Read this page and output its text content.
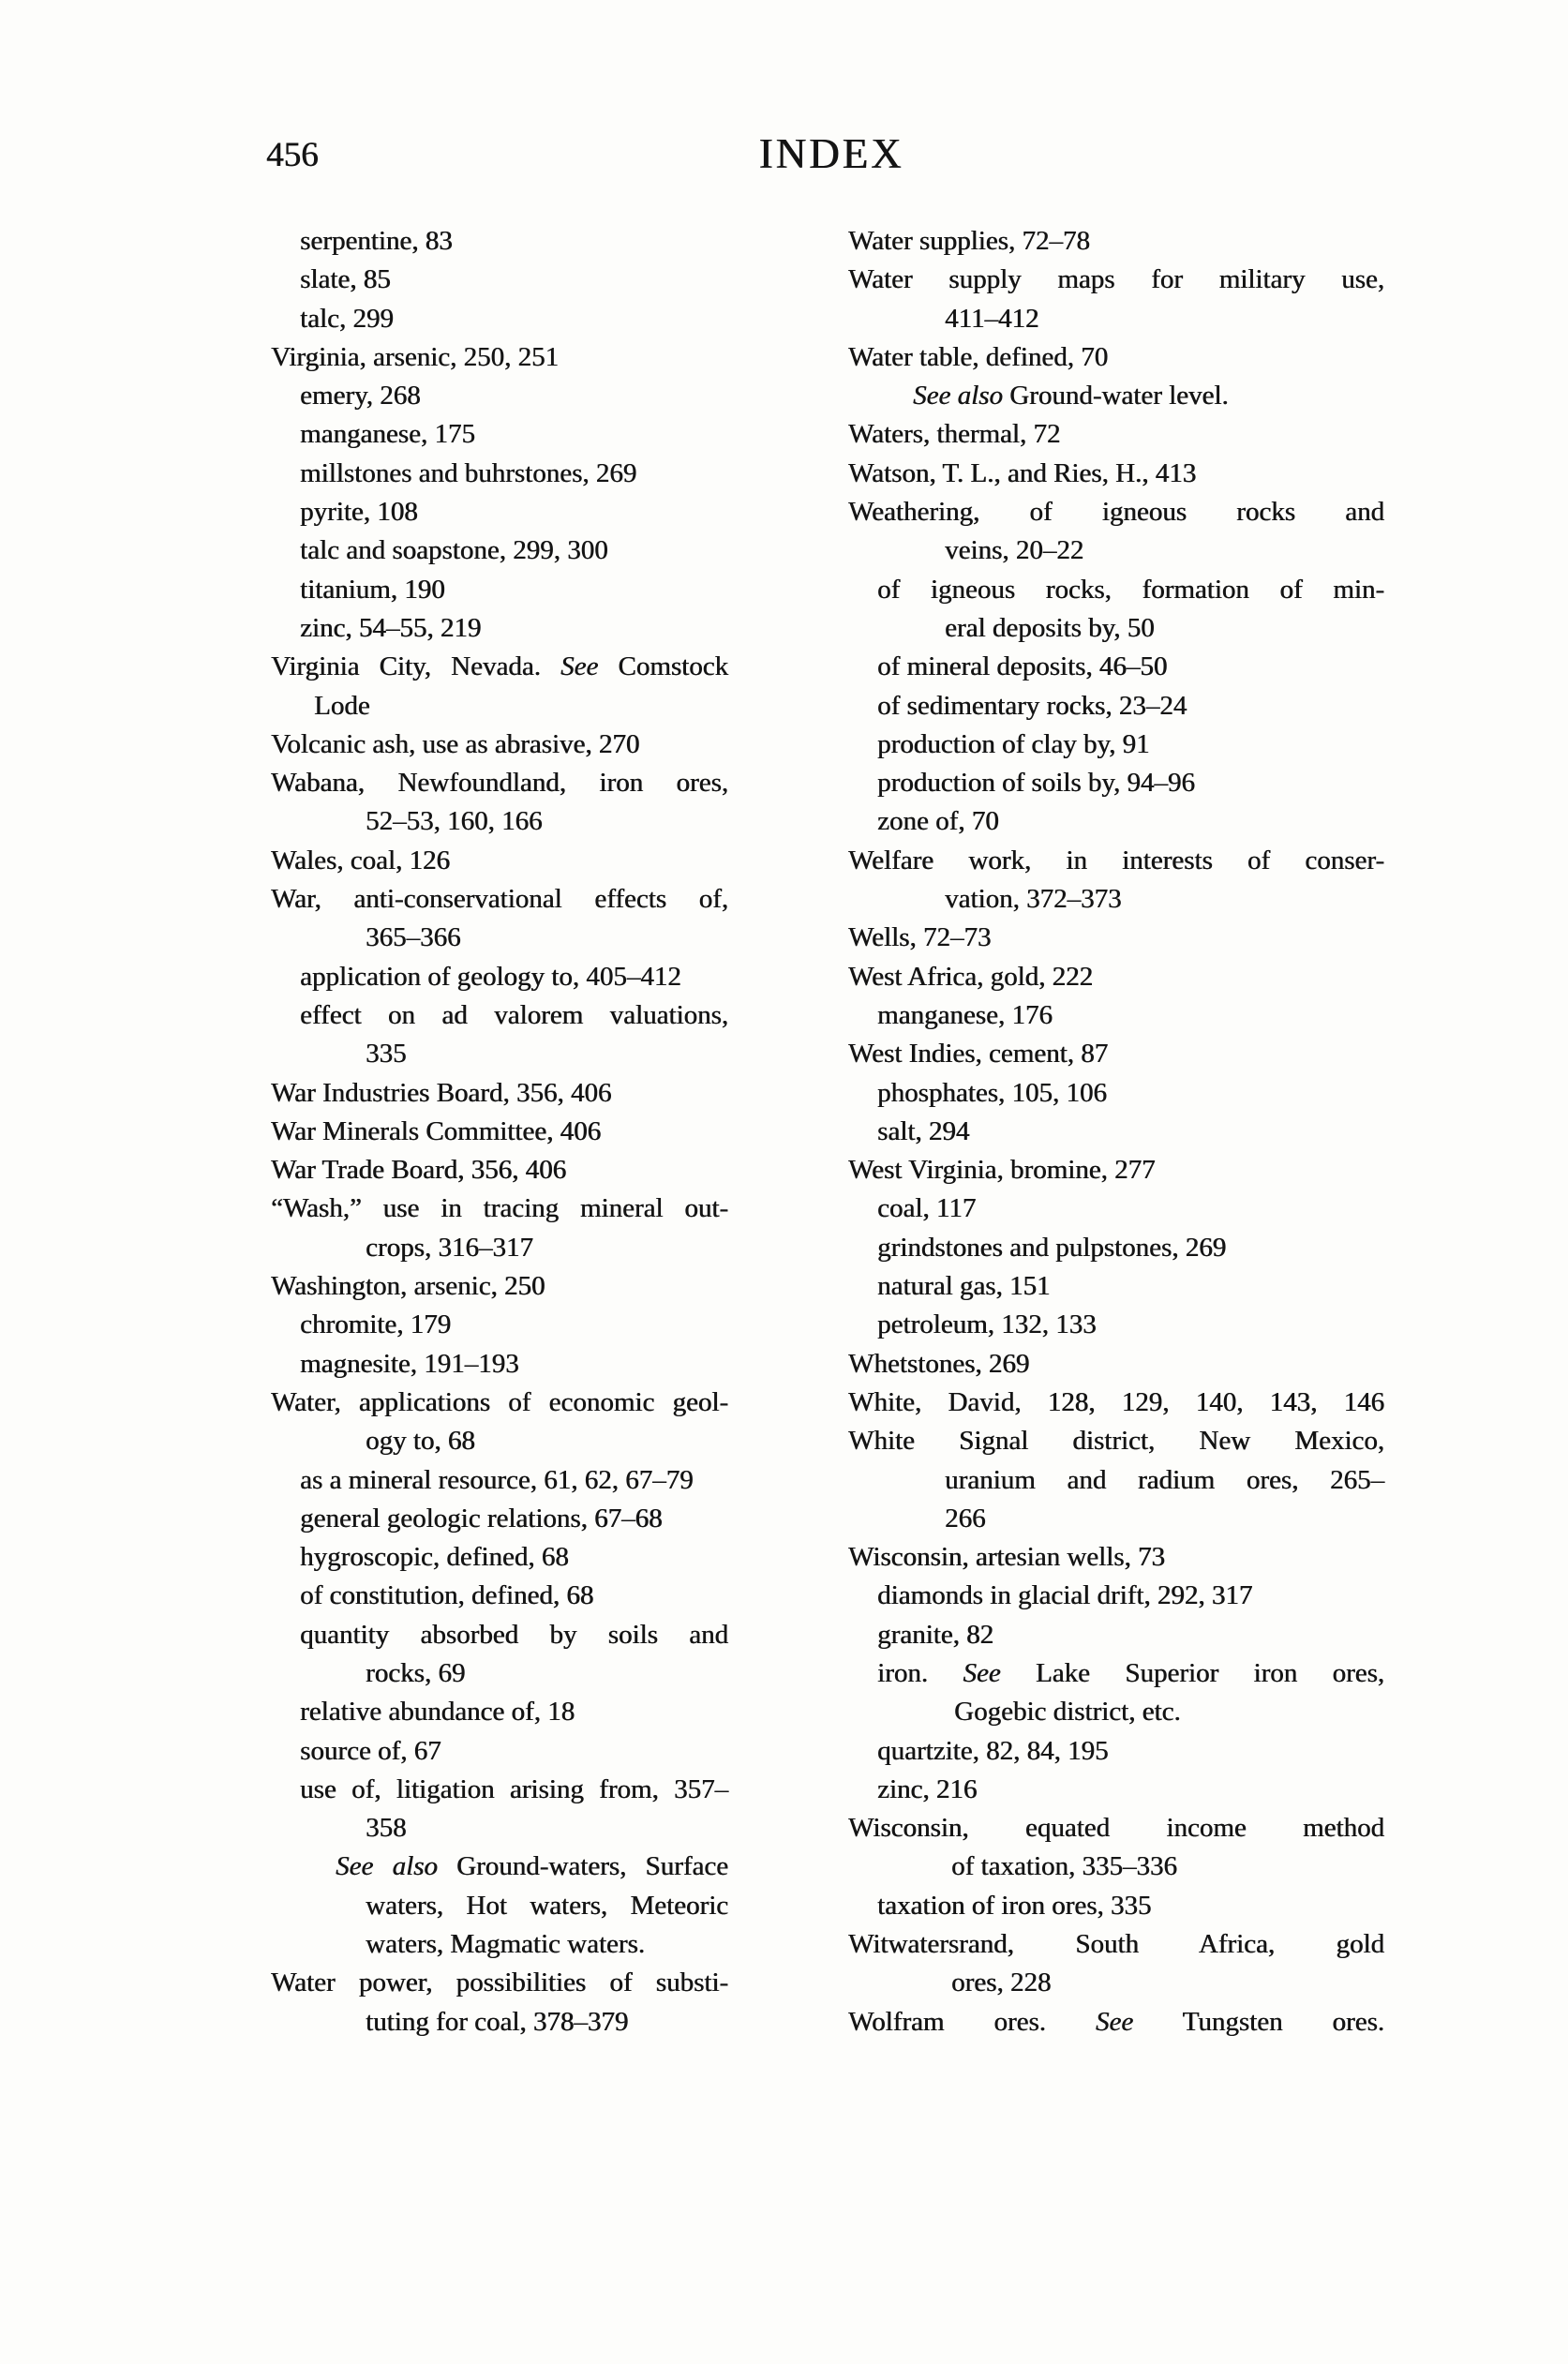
456	INDEX
serpentine, 83
slate, 85
talc, 299
Virginia, arsenic, 250, 251
emery, 268
manganese, 175
millstones and buhrstones, 269
pyrite, 108
talc and soapstone, 299, 300
titanium, 190
zinc, 54–55, 219
Virginia City, Nevada. See Comstock
Lode
Volcanic ash, use as abrasive, 270
Wabana, Newfoundland, iron ores,
52–53, 160, 166
Wales, coal, 126
War, anti-conservational effects of,
365–366
application of geology to, 405–412
effect on ad valorem valuations,
335
War Industries Board, 356, 406
War Minerals Committee, 406
War Trade Board, 356, 406
“Wash,” use in tracing mineral out-
crops, 316–317
Washington, arsenic, 250
chromite, 179
magnesite, 191–193
Water, applications of economic geol-
ogy to, 68
as a mineral resource, 61, 62, 67–79
general geologic relations, 67–68
hygroscopic, defined, 68
of constitution, defined, 68
quantity absorbed by soils and
rocks, 69
relative abundance of, 18
source of, 67
use of, litigation arising from, 357–
358
See also Ground-waters, Surface
waters, Hot waters, Meteoric
waters, Magmatic waters.
Water power, possibilities of substi-
tuting for coal, 378–379
Water supplies, 72–78
Water supply maps for military use,
411–412
Water table, defined, 70
See also Ground-water level.
Waters, thermal, 72
Watson, T. L., and Ries, H., 413
Weathering, of igneous rocks and
veins, 20–22
of igneous rocks, formation of min-
eral deposits by, 50
of mineral deposits, 46–50
of sedimentary rocks, 23–24
production of clay by, 91
production of soils by, 94–96
zone of, 70
Welfare work, in interests of conser-
vation, 372–373
Wells, 72–73
West Africa, gold, 222
manganese, 176
West Indies, cement, 87
phosphates, 105, 106
salt, 294
West Virginia, bromine, 277
coal, 117
grindstones and pulpstones, 269
natural gas, 151
petroleum, 132, 133
Whetstones, 269
White, David, 128, 129, 140, 143, 146
White Signal district, New Mexico,
uranium and radium ores, 265–
266
Wisconsin, artesian wells, 73
diamonds in glacial drift, 292, 317
granite, 82
iron. See Lake Superior iron ores,
Gogebic district, etc.
quartzite, 82, 84, 195
zinc, 216
Wisconsin, equated income method
of taxation, 335–336
taxation of iron ores, 335
Witwatersrand, South Africa, gold
ores, 228
Wolfram ores. See Tungsten ores.
